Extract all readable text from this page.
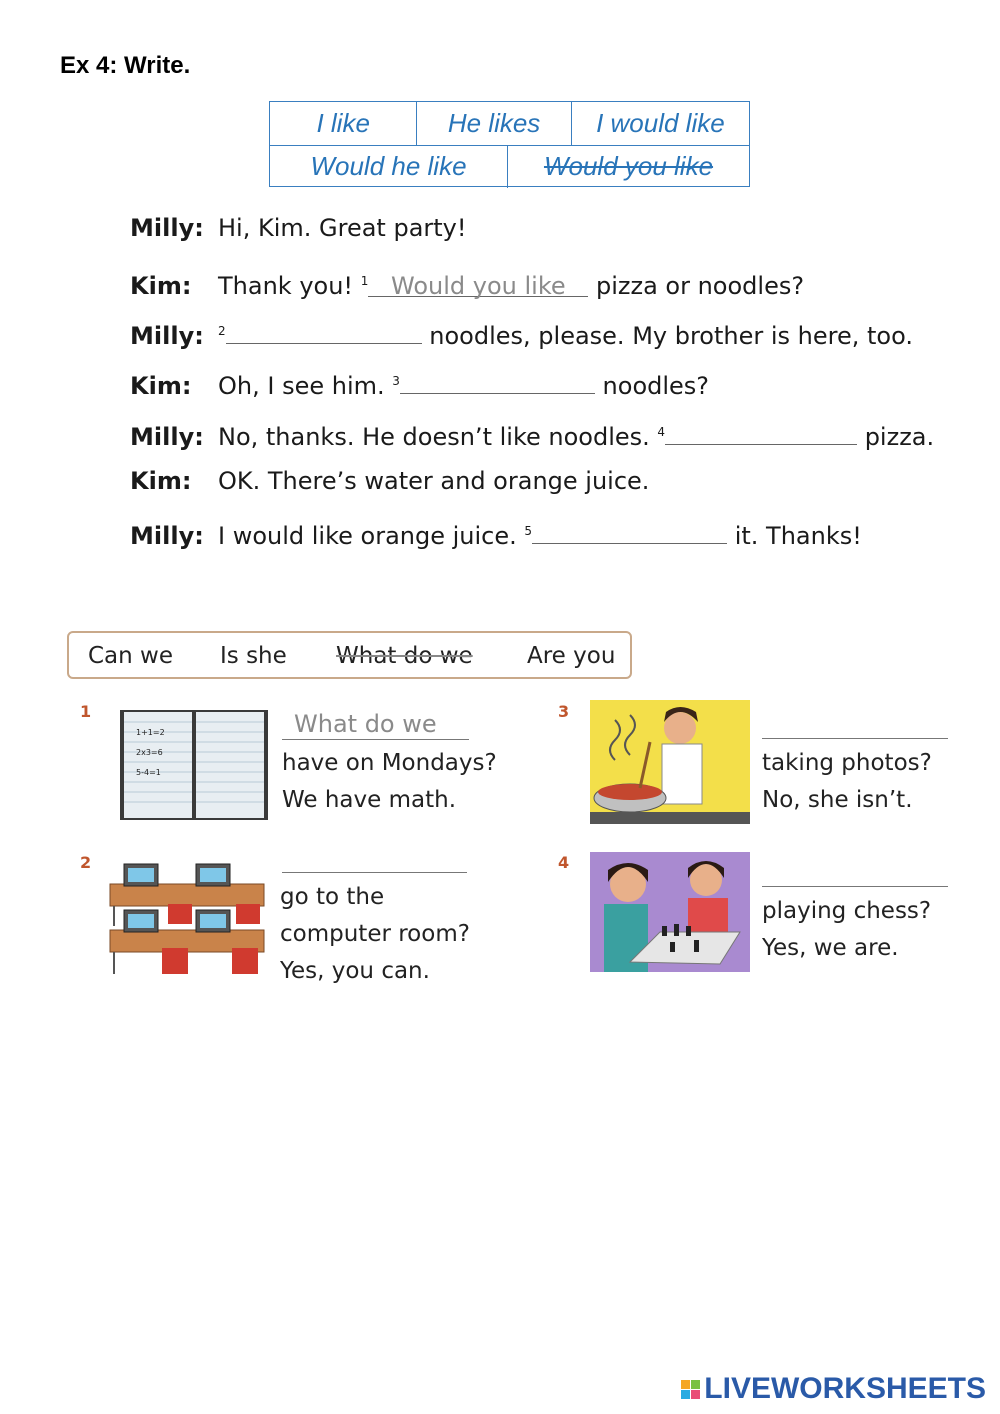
Ex 4: Write.
I like	He likes	I would like
Would he like	Would you like
Milly: Hi, Kim. Great party!
Kim: Thank you! $^1$ Would you like pizza or noodles?
Milly: $^2$	noodles, please. My brother is here, too.
Kim: Oh, I see him. $^3$	noodles?
Milly: No, thanks. He doesn’t like noodles. $^4$	pizza.
Kim: OK. There’s water and orange juice.
Milly: I would like orange juice. $^5$	it. Thanks!
Can we Is she What do we Are you
1
1+1=2
2x3=6
5-4=1
What do we
have on Mondays?
We have math.
2
go to the
computer room?
Yes, you can.
3
taking photos?
No, she isn’t.
4
playing chess?
Yes, we are.
LIVEWORKSHEETS
